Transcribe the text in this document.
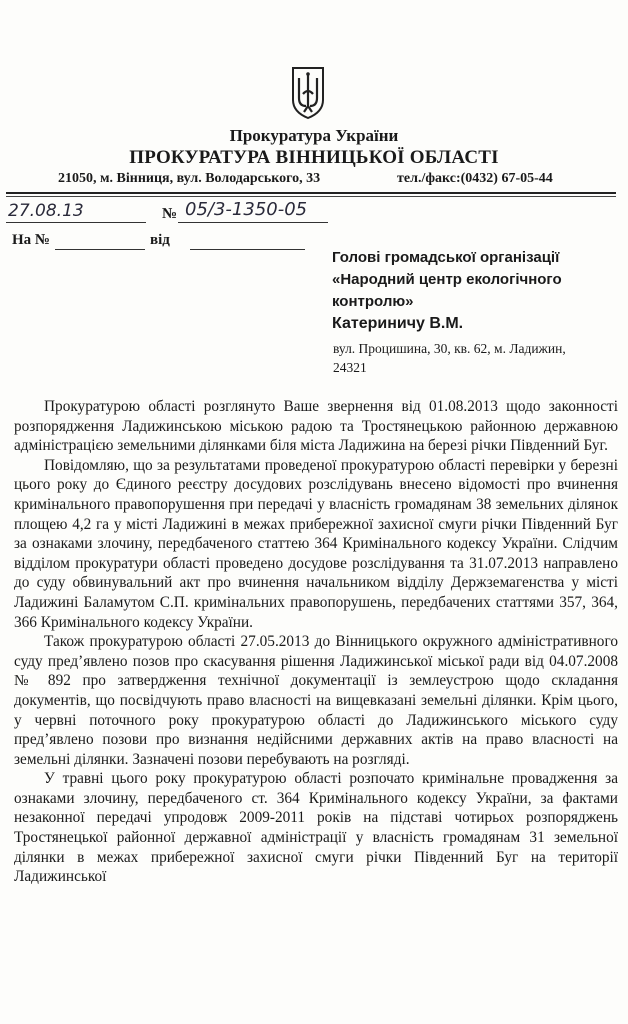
Прокуратура України
ПРОКУРАТУРА ВІННИЦЬКОЇ ОБЛАСТІ
21050, м. Вінниця, вул. Володарського, 33	тел./факс:(0432) 67-05-44
27.08.13	№ 05/3-1350-05
На №	від
Голові громадської організації
«Народний центр екологічного
контролю»
Катериничу В.М.
вул. Процишина, 30, кв. 62, м. Ладижин,
24321

Прокуратурою області розглянуто Ваше звернення від 01.08.2013 щодо законності розпорядження Ладижинською міською радою та Тростянецькою районною державною адміністрацією земельними ділянками біля міста Ладижина на березі річки Південний Буг.

Повідомляю, що за результатами проведеної прокуратурою області перевірки у березні цього року до Єдиного реєстру досудових розслідувань внесено відомості про вчинення кримінального правопорушення при передачі у власність громадянам 38 земельних ділянок площею 4,2 га у місті Ладижині в межах прибережної захисної смуги річки Південний Буг за ознаками злочину, передбаченого статтею 364 Кримінального кодексу України. Слідчим відділом прокуратури області проведено досудове розслідування та 31.07.2013 направлено до суду обвинувальний акт про вчинення начальником відділу Держземагенства у місті Ладижині Баламутом С.П. кримінальних правопорушень, передбачених статтями 357, 364, 366 Кримінального кодексу України.

Також прокуратурою області 27.05.2013 до Вінницького окружного адміністративного суду пред’явлено позов про скасування рішення Ладижинської міської ради від 04.07.2008 № 892 про затвердження технічної документації із землеустрою щодо складання документів, що посвідчують право власності на вищевказані земельні ділянки. Крім цього, у червні поточного року прокуратурою області до Ладижинського міського суду пред’явлено позови про визнання недійсними державних актів на право власності на земельні ділянки. Зазначені позови перебувають на розгляді.

У травні цього року прокуратурою області розпочато кримінальне провадження за ознаками злочину, передбаченого ст. 364 Кримінального кодексу України, за фактами незаконної передачі упродовж 2009-2011 років на підставі чотирьох розпоряджень Тростянецької районної державної адміністрації у власність громадянам 31 земельної ділянки в межах прибережної захисної смуги річки Південний Буг на території Ладижинської
